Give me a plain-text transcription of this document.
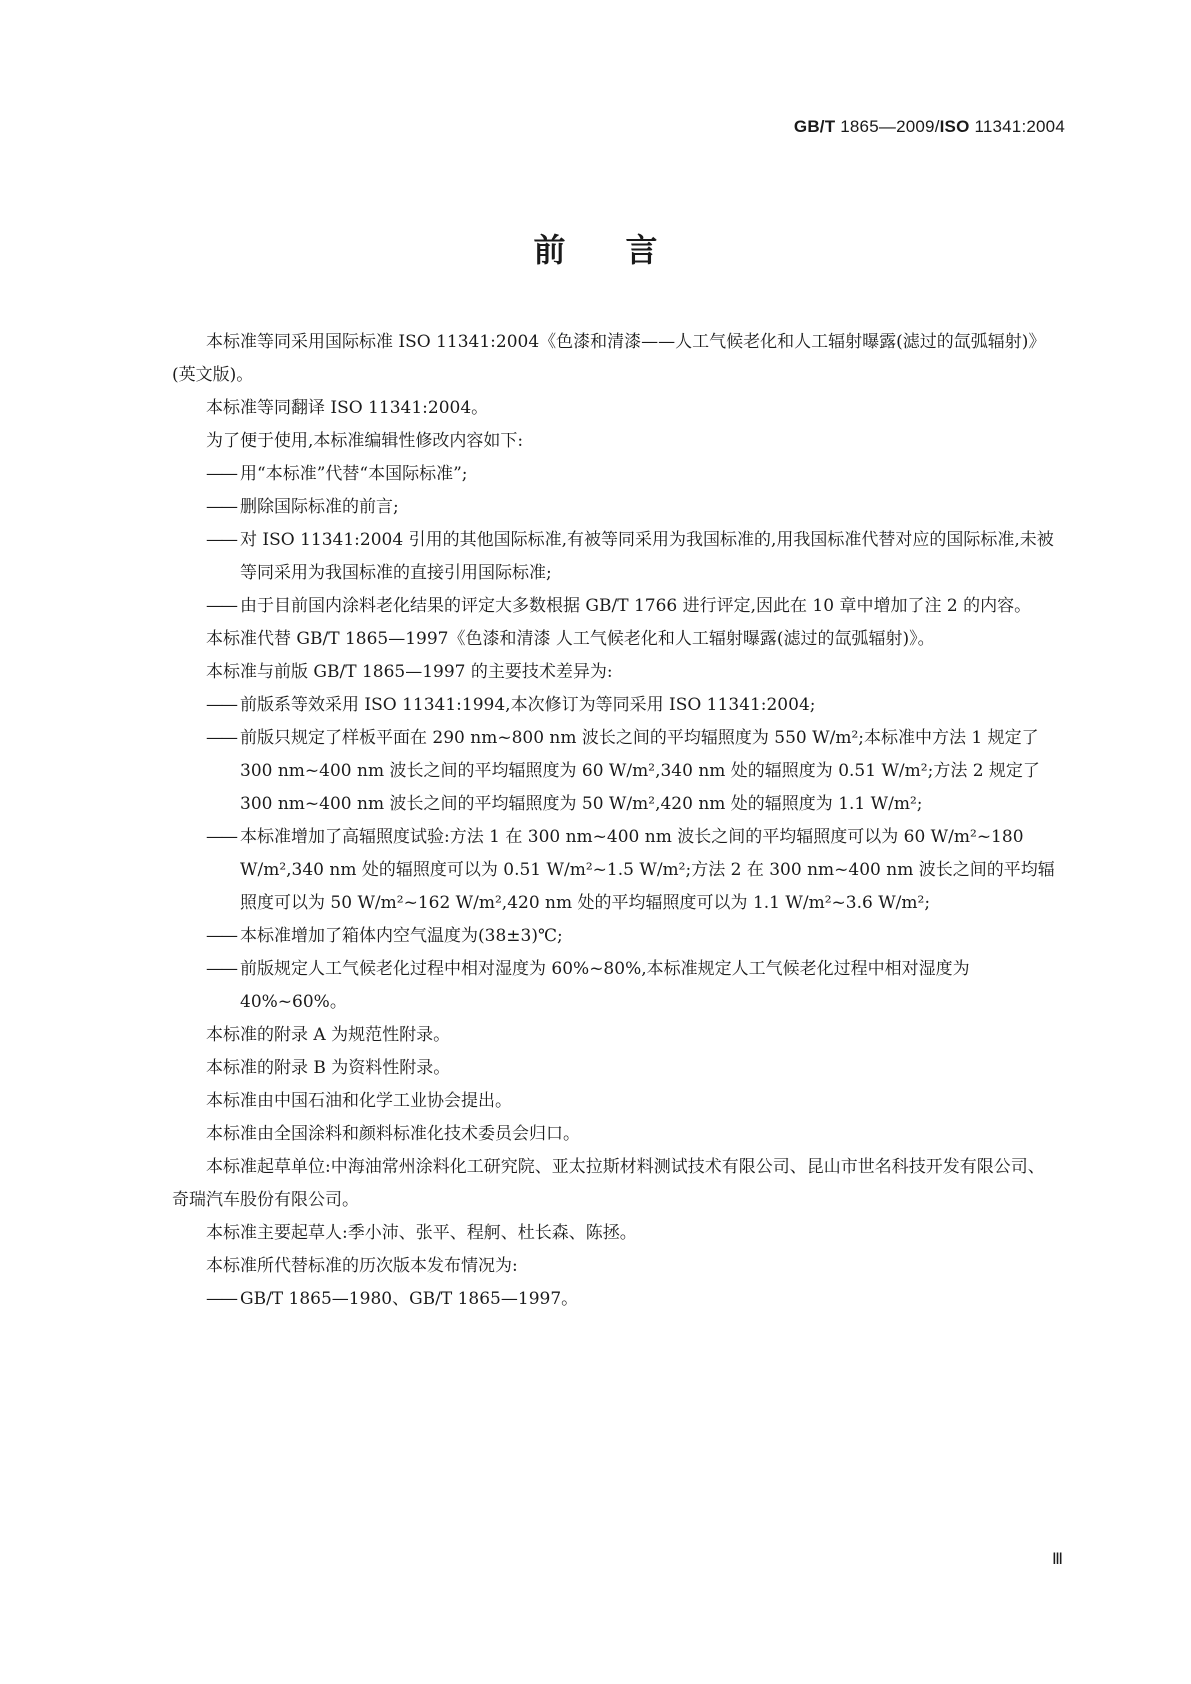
GB/T 1865—2009/ISO 11341:2004
前 言

本标准等同采用国际标准 ISO 11341:2004《色漆和清漆——人工气候老化和人工辐射曝露(滤过的氙弧辐射)》(英文版)。

本标准等同翻译 ISO 11341:2004。

为了便于使用,本标准编辑性修改内容如下:

—— 用“本标准”代替“本国际标准”;
—— 删除国际标准的前言;
—— 对 ISO 11341:2004 引用的其他国际标准,有被等同采用为我国标准的,用我国标准代替对应的国际标准,未被等同采用为我国标准的直接引用国际标准;
—— 由于目前国内涂料老化结果的评定大多数根据 GB/T 1766 进行评定,因此在 10 章中增加了注 2 的内容。

本标准代替 GB/T 1865—1997《色漆和清漆 人工气候老化和人工辐射曝露(滤过的氙弧辐射)》。

本标准与前版 GB/T 1865—1997 的主要技术差异为:

—— 前版系等效采用 ISO 11341:1994,本次修订为等同采用 ISO 11341:2004;
—— 前版只规定了样板平面在 290 nm~800 nm 波长之间的平均辐照度为 550 W/m²;本标准中方法 1 规定了 300 nm~400 nm 波长之间的平均辐照度为 60 W/m²,340 nm 处的辐照度为 0.51 W/m²;方法 2 规定了 300 nm~400 nm 波长之间的平均辐照度为 50 W/m²,420 nm 处的辐照度为 1.1 W/m²;
—— 本标准增加了高辐照度试验:方法 1 在 300 nm~400 nm 波长之间的平均辐照度可以为 60 W/m²~180 W/m²,340 nm 处的辐照度可以为 0.51 W/m²~1.5 W/m²;方法 2 在 300 nm~400 nm 波长之间的平均辐照度可以为 50 W/m²~162 W/m²,420 nm 处的平均辐照度可以为 1.1 W/m²~3.6 W/m²;
—— 本标准增加了箱体内空气温度为(38±3)℃;
—— 前版规定人工气候老化过程中相对湿度为 60%~80%,本标准规定人工气候老化过程中相对湿度为 40%~60%。

本标准的附录 A 为规范性附录。

本标准的附录 B 为资料性附录。

本标准由中国石油和化学工业协会提出。

本标准由全国涂料和颜料标准化技术委员会归口。

本标准起草单位:中海油常州涂料化工研究院、亚太拉斯材料测试技术有限公司、昆山市世名科技开发有限公司、奇瑞汽车股份有限公司。

本标准主要起草人:季小沛、张平、程舸、杜长森、陈拯。

本标准所代替标准的历次版本发布情况为:

—— GB/T 1865—1980、GB/T 1865—1997。
Ⅲ
